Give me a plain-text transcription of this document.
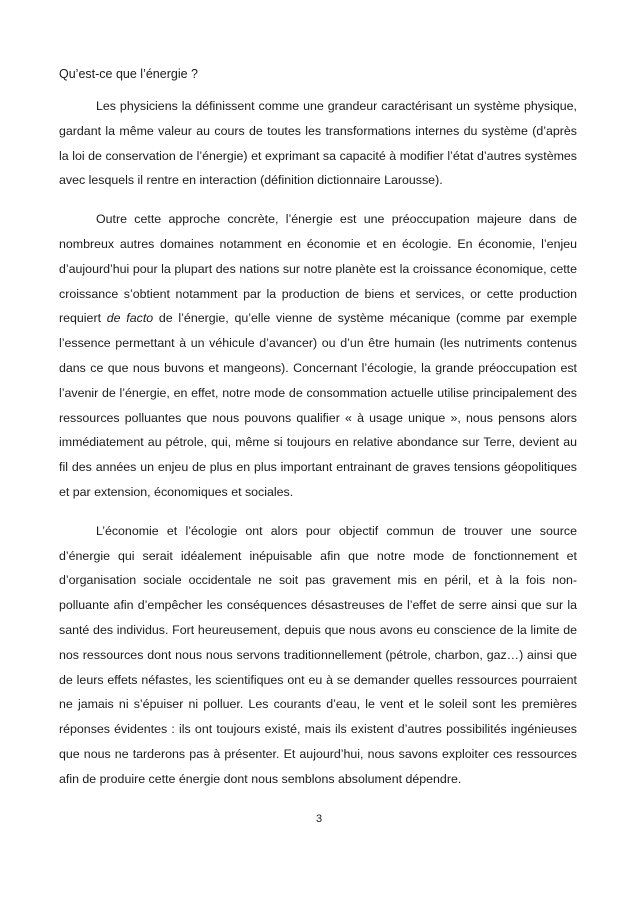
Qu’est-ce que l’énergie ?

Les physiciens la définissent comme une grandeur caractérisant un système physique, gardant la même valeur au cours de toutes les transformations internes du système (d’après la loi de conservation de l’énergie) et exprimant sa capacité à modifier l’état d’autres systèmes avec lesquels il rentre en interaction (définition dictionnaire Larousse).

Outre cette approche concrète, l’énergie est une préoccupation majeure dans de nombreux autres domaines notamment en économie et en écologie. En économie, l’enjeu d’aujourd’hui pour la plupart des nations sur notre planète est la croissance économique, cette croissance s’obtient notamment par la production de biens et services, or cette production requiert de facto de l’énergie, qu’elle vienne de système mécanique (comme par exemple l’essence permettant à un véhicule d’avancer) ou d’un être humain (les nutriments contenus dans ce que nous buvons et mangeons). Concernant l’écologie, la grande préoccupation est l’avenir de l’énergie, en effet, notre mode de consommation actuelle utilise principalement des ressources polluantes que nous pouvons qualifier « à usage unique », nous pensons alors immédiatement au pétrole, qui, même si toujours en relative abondance sur Terre, devient au fil des années un enjeu de plus en plus important entrainant de graves tensions géopolitiques et par extension, économiques et sociales.

L’économie et l’écologie ont alors pour objectif commun de trouver une source d’énergie qui serait idéalement inépuisable afin que notre mode de fonctionnement et d’organisation sociale occidentale ne soit pas gravement mis en péril, et à la fois non-polluante afin d’empêcher les conséquences désastreuses de l’effet de serre ainsi que sur la santé des individus. Fort heureusement, depuis que nous avons eu conscience de la limite de nos ressources dont nous nous servons traditionnellement (pétrole, charbon, gaz…) ainsi que de leurs effets néfastes, les scientifiques ont eu à se demander quelles ressources pourraient ne jamais ni s’épuiser ni polluer. Les courants d’eau, le vent et le soleil sont les premières réponses évidentes : ils ont toujours existé, mais ils existent d’autres possibilités ingénieuses que nous ne tarderons pas à présenter. Et aujourd’hui, nous savons exploiter ces ressources afin de produire cette énergie dont nous semblons absolument dépendre.

3
